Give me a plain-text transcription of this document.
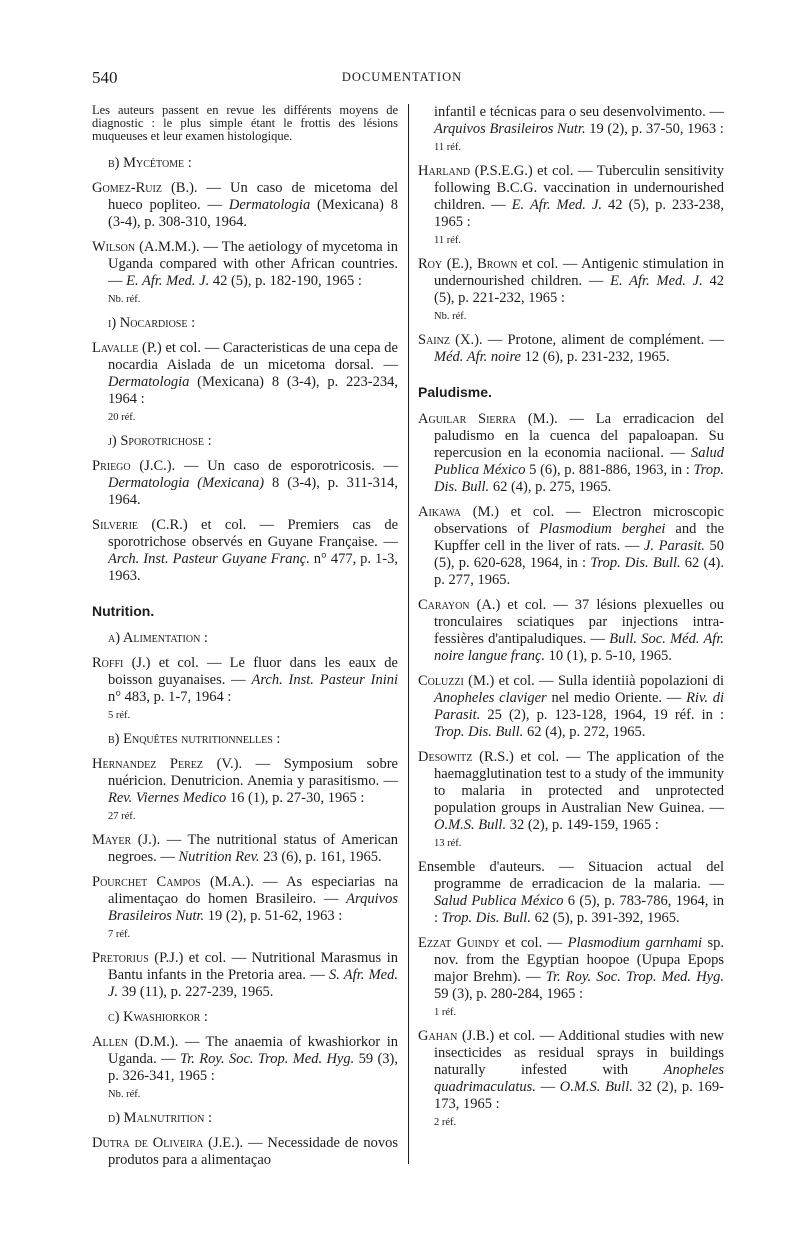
540	DOCUMENTATION

Les auteurs passent en revue les différents moyens de diagnostic : le plus simple étant le frottis des lésions muqueuses et leur examen histologique.

b) Mycétome :

Gomez-Ruiz (B.). — Un caso de micetoma del hueco popliteo. — Dermatologia (Mexicana) 8 (3-4), p. 308-310, 1964.

Wilson (A.M.M.). — The aetiology of mycetoma in Uganda compared with other African countries. — E. Afr. Med. J. 42 (5), p. 182-190, 1965 :
Nb. réf.

i) Nocardiose :

Lavalle (P.) et col. — Caracteristicas de una cepa de nocardia Aislada de un micetoma dorsal. — Dermatologia (Mexicana) 8 (3-4), p. 223-234, 1964 :
20 réf.

j) Sporotrichose :

Priego (J.C.). — Un caso de esporotricosis. — Dermatologia (Mexicana) 8 (3-4), p. 311-314, 1964.

Silverie (C.R.) et col. — Premiers cas de sporotrichose observés en Guyane Française. — Arch. Inst. Pasteur Guyane Franç. n° 477, p. 1-3, 1963.

Nutrition.

a) Alimentation :

Roffi (J.) et col. — Le fluor dans les eaux de boisson guyanaises. — Arch. Inst. Pasteur Inini n° 483, p. 1-7, 1964 :
5 réf.

b) Enquêtes nutritionnelles :

Hernandez Perez (V.). — Symposium sobre nuéricion. Denutricion. Anemia y parasitismo. — Rev. Viernes Medico 16 (1), p. 27-30, 1965 :
27 réf.

Mayer (J.). — The nutritional status of American negroes. — Nutrition Rev. 23 (6), p. 161, 1965.

Pourchet Campos (M.A.). — As especiarias na alimentaçao do homen Brasileiro. — Arquivos Brasileiros Nutr. 19 (2), p. 51-62, 1963 :
7 réf.

Pretorius (P.J.) et col. — Nutritional Marasmus in Bantu infants in the Pretoria area. — S. Afr. Med. J. 39 (11), p. 227-239, 1965.

c) Kwashiorkor :

Allen (D.M.). — The anaemia of kwashiorkor in Uganda. — Tr. Roy. Soc. Trop. Med. Hyg. 59 (3), p. 326-341, 1965 :
Nb. réf.

d) Malnutrition :

Dutra de Oliveira (J.E.). — Necessidade de novos produtos para a alimentaçao

infantil e técnicas para o seu desenvolvimento. — Arquivos Brasileiros Nutr. 19 (2), p. 37-50, 1963 :
11 réf.

Harland (P.S.E.G.) et col. — Tuberculin sensitivity following B.C.G. vaccination in undernourished children. — E. Afr. Med. J. 42 (5), p. 233-238, 1965 :
11 réf.

Roy (E.), Brown et col. — Antigenic stimulation in undernourished children. — E. Afr. Med. J. 42 (5), p. 221-232, 1965 :
Nb. réf.

Sainz (X.). — Protone, aliment de complément. — Méd. Afr. noire 12 (6), p. 231-232, 1965.

Paludisme.

Aguilar Sierra (M.). — La erradicacion del paludismo en la cuenca del papaloapan. Su repercusion en la economia naciional. — Salud Publica México 5 (6), p. 881-886, 1963, in : Trop. Dis. Bull. 62 (4), p. 275, 1965.

Aikawa (M.) et col. — Electron microscopic observations of Plasmodium berghei and the Kupffer cell in the liver of rats. — J. Parasit. 50 (5), p. 620-628, 1964, in : Trop. Dis. Bull. 62 (4). p. 277, 1965.

Carayon (A.) et col. — 37 lésions plexuelles ou tronculaires sciatiques par injections intra-fessières d'antipaludiques. — Bull. Soc. Méd. Afr. noire langue franç. 10 (1), p. 5-10, 1965.

Coluzzi (M.) et col. — Sulla identiià popolazioni di Anopheles claviger nel medio Oriente. — Riv. di Parasit. 25 (2), p. 123-128, 1964, 19 réf. in : Trop. Dis. Bull. 62 (4), p. 272, 1965.

Desowitz (R.S.) et col. — The application of the haemagglutination test to a study of the immunity to malaria in protected and unprotected population groups in Australian New Guinea. — O.M.S. Bull. 32 (2), p. 149-159, 1965 :
13 réf.

Ensemble d'auteurs. — Situacion actual del programme de erradicacion de la malaria. — Salud Publica México 6 (5), p. 783-786, 1964, in : Trop. Dis. Bull. 62 (5), p. 391-392, 1965.

Ezzat Guindy et col. — Plasmodium garnhami sp. nov. from the Egyptian hoopoe (Upupa Epops major Brehm). — Tr. Roy. Soc. Trop. Med. Hyg. 59 (3), p. 280-284, 1965 :
1 réf.

Gahan (J.B.) et col. — Additional studies with new insecticides as residual sprays in buildings naturally infested with Anopheles quadrimaculatus. — O.M.S. Bull. 32 (2), p. 169-173, 1965 :
2 réf.
